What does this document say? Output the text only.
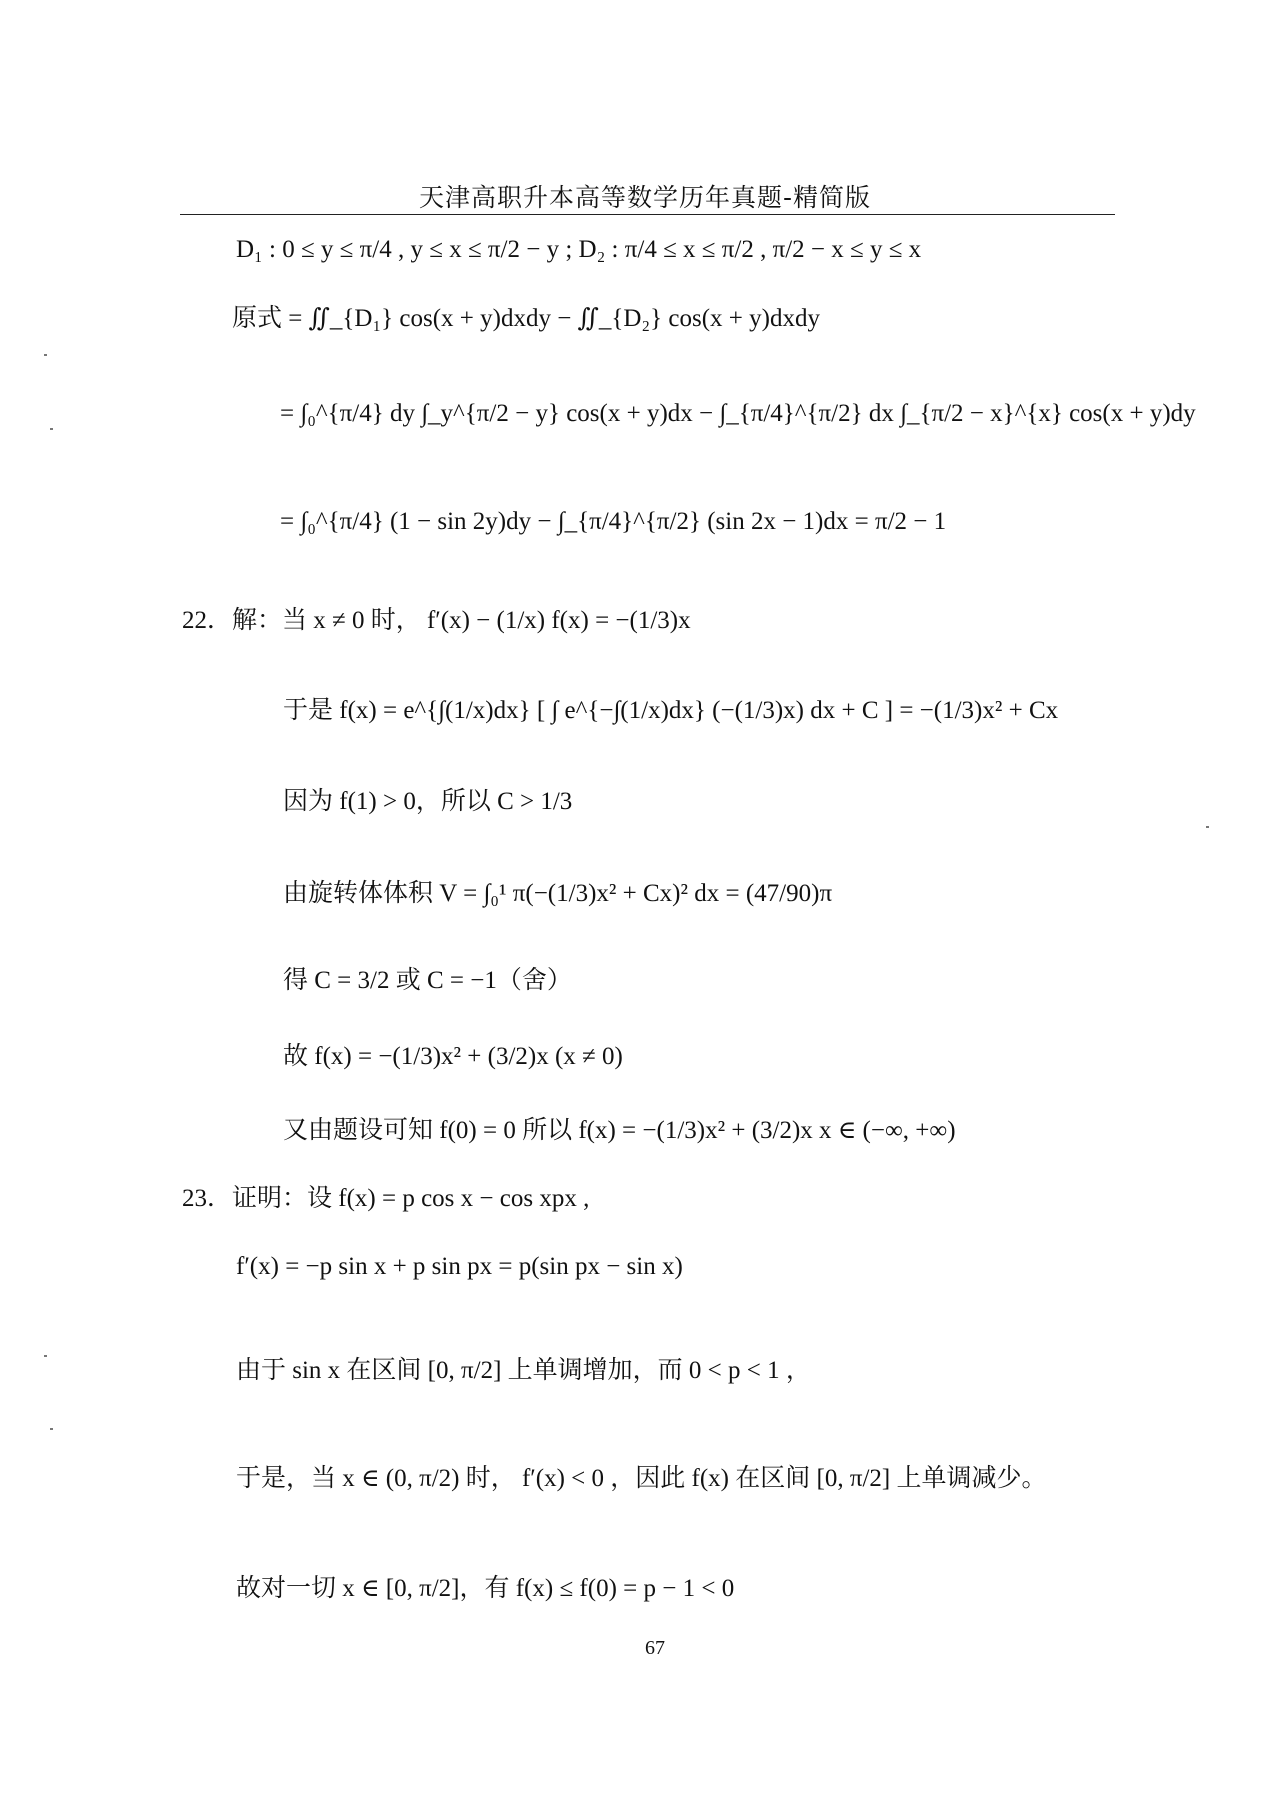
天津高职升本高等数学历年真题-精简版
D₁ : 0 ≤ y ≤ π/4 , y ≤ x ≤ π/2 − y ; D₂ : π/4 ≤ x ≤ π/2 , π/2 − x ≤ y ≤ x
原式 = ∬_{D₁} cos(x + y)dxdy − ∬_{D₂} cos(x + y)dxdy
= ∫₀^{π/4} dy ∫_y^{π/2 − y} cos(x + y)dx − ∫_{π/4}^{π/2} dx ∫_{π/2 − x}^{x} cos(x + y)dy
= ∫₀^{π/4} (1 − sin 2y)dy − ∫_{π/4}^{π/2} (sin 2x − 1)dx = π/2 − 1
22．解：当 x ≠ 0 时， f′(x) − (1/x) f(x) = −(1/3)x
于是 f(x) = e^{∫(1/x)dx} [ ∫ e^{−∫(1/x)dx} (−(1/3)x) dx + C ] = −(1/3)x² + Cx
因为 f(1) > 0，所以 C > 1/3
由旋转体体积 V = ∫₀¹ π(−(1/3)x² + Cx)² dx = (47/90)π
得 C = 3/2 或 C = −1（舍）
故 f(x) = −(1/3)x² + (3/2)x (x ≠ 0)
又由题设可知 f(0) = 0 所以 f(x) = −(1/3)x² + (3/2)x x ∈ (−∞, +∞)
23．证明：设 f(x) = p cos x − cos xpx ,
f′(x) = −p sin x + p sin px = p(sin px − sin x)
由于 sin x 在区间 [0, π/2] 上单调增加，而 0 < p < 1 ，
于是，当 x ∈ (0, π/2) 时， f′(x) < 0 ，因此 f(x) 在区间 [0, π/2] 上单调减少。
故对一切 x ∈ [0, π/2]，有 f(x) ≤ f(0) = p − 1 < 0
67
